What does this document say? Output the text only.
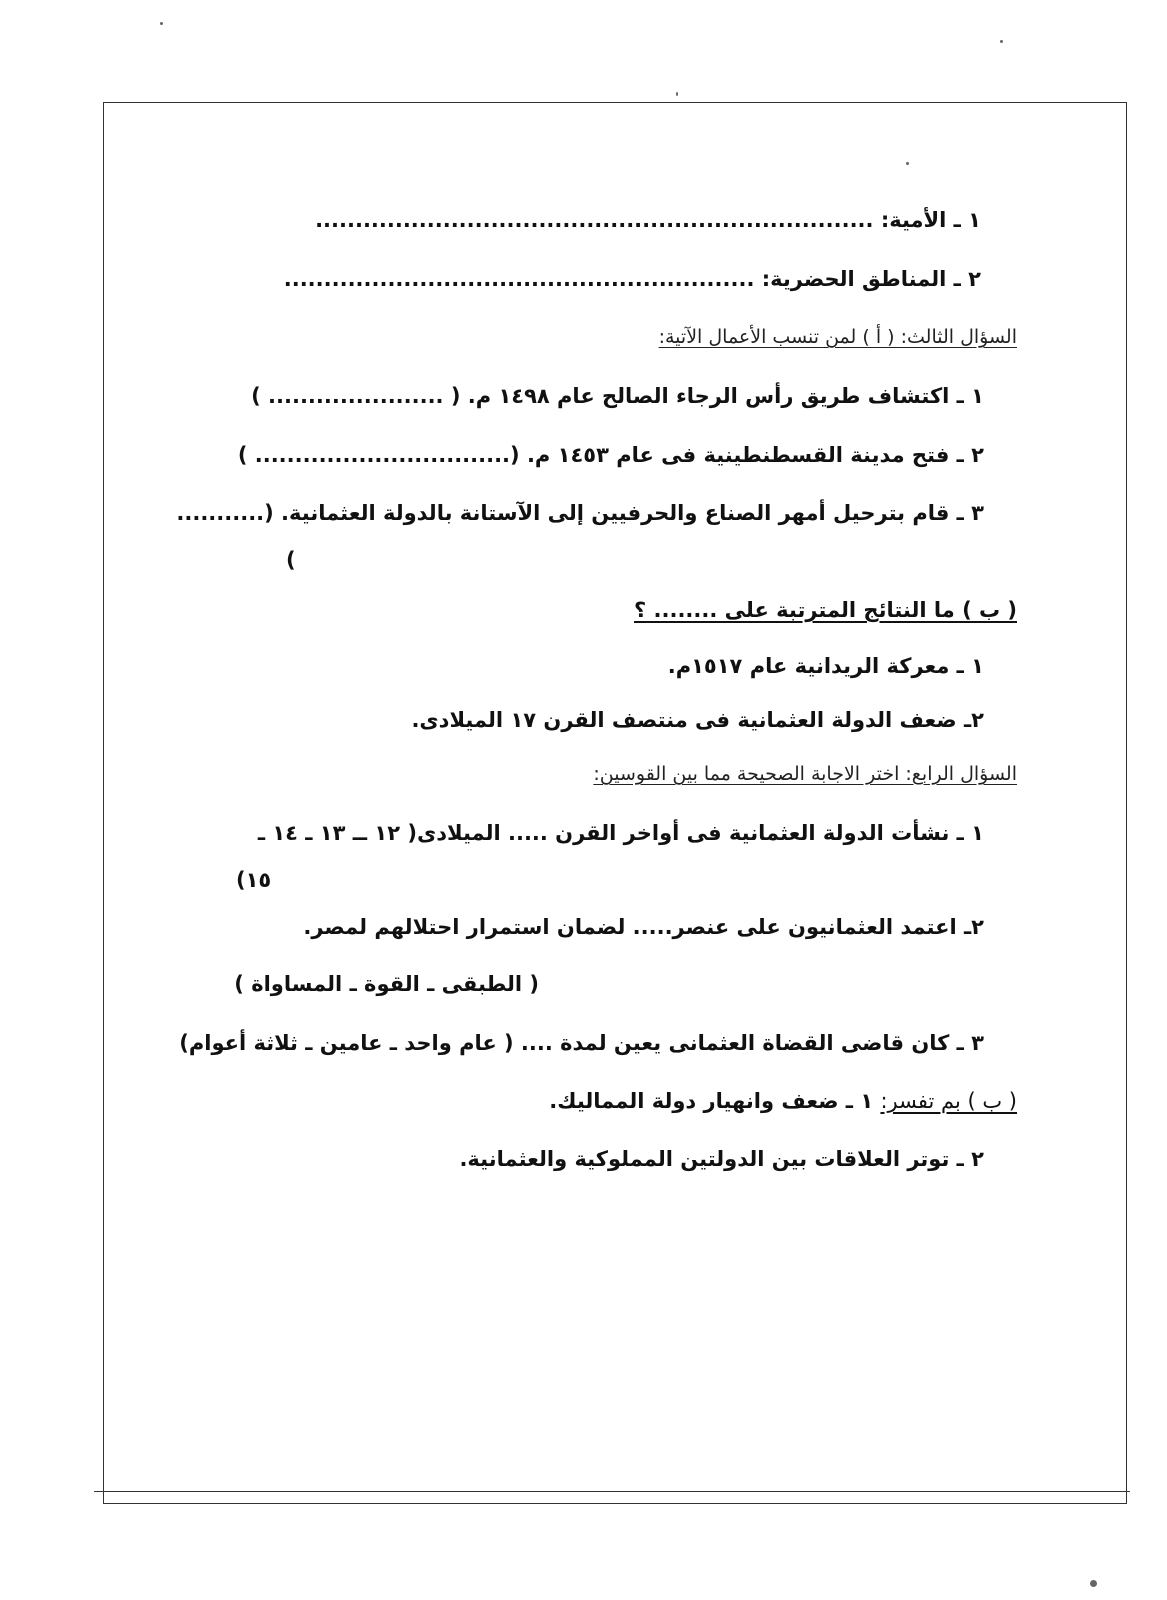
١ ـ الأمية: ......................................................................
٢ ـ المناطق الحضرية: ...........................................................
السؤال الثالث: ( أ ) لمن تنسب الأعمال الآتية:
١ ـ اكتشاف طريق رأس الرجاء الصالح عام ١٤٩٨ م. ( ...................... )
٢ ـ فتح مدينة القسطنطينية فى عام ١٤٥٣ م. (................................ )
٣ ـ قام بترحيل أمهر الصناع والحرفيين إلى الآستانة بالدولة العثمانية. (...........
)
( ب ) ما النتائج المترتبة على ........ ؟
١ ـ معركة الريدانية عام ١٥١٧م.
٢ـ ضعف الدولة العثمانية فى منتصف القرن ١٧ الميلادى.
السؤال الرابع: اختر الاجابة الصحيحة مما بين القوسين:
١ ـ نشأت الدولة العثمانية فى أواخر القرن ..... الميلادى( ١٢ ــ ١٣ ـ ١٤ ـ
١٥)
٢ـ اعتمد العثمانيون على عنصر..... لضمان استمرار احتلالهم لمصر.
( الطبقى ـ القوة ـ المساواة )
٣ ـ كان قاضى القضاة العثمانى يعين لمدة .... ( عام واحد ـ عامين ـ ثلاثة أعوام)
( ب ) بم تفسر: ١ ـ ضعف وانهيار دولة المماليك.
٢ ـ توتر العلاقات بين الدولتين المملوكية والعثمانية.
